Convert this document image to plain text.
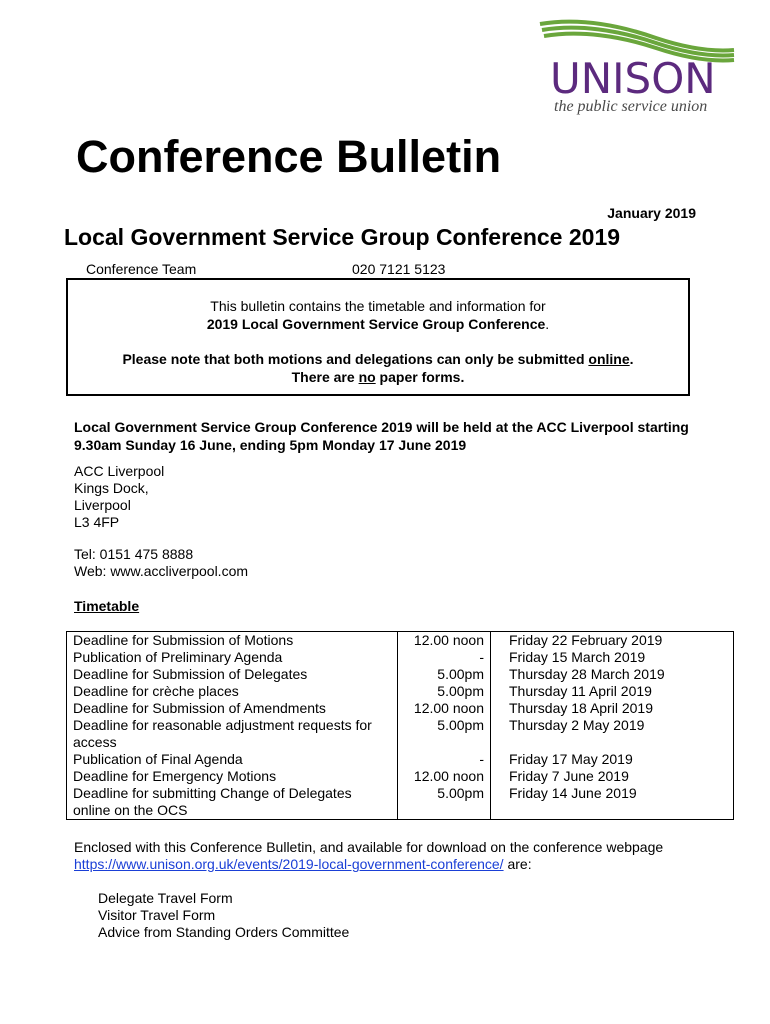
UNISON
the public service union
Conference Bulletin
January 2019
Local Government Service Group Conference 2019
Conference Team	020 7121 5123

This bulletin contains the timetable and information for

2019 Local Government Service Group Conference.

Please note that both motions and delegations can only be submitted online.

There are no paper forms.

Local Government Service Group Conference 2019 will be held at the ACC Liverpool starting 9.30am Sunday 16 June, ending 5pm Monday 17 June 2019

ACC Liverpool
Kings Dock,
Liverpool
L3 4FP
Tel: 0151 475 8888
Web: www.accliverpool.com
Timetable
Deadline for Submission of Motions	12.00 noon	Friday 22 February 2019
Publication of Preliminary Agenda	-	Friday 15 March 2019
Deadline for Submission of Delegates	5.00pm	Thursday 28 March 2019
Deadline for crèche places	5.00pm	Thursday 11 April 2019
Deadline for Submission of Amendments	12.00 noon	Thursday 18 April 2019
Deadline for reasonable adjustment requests for access	5.00pm	Thursday 2 May 2019
Publication of Final Agenda	-	Friday 17 May 2019
Deadline for Emergency Motions	12.00 noon	Friday 7 June 2019
Deadline for submitting Change of Delegates online on the OCS	5.00pm	Friday 14 June 2019

Enclosed with this Conference Bulletin, and available for download on the conference webpage https://www.unison.org.uk/events/2019-local-government-conference/ are:

Delegate Travel Form
Visitor Travel Form
Advice from Standing Orders Committee
